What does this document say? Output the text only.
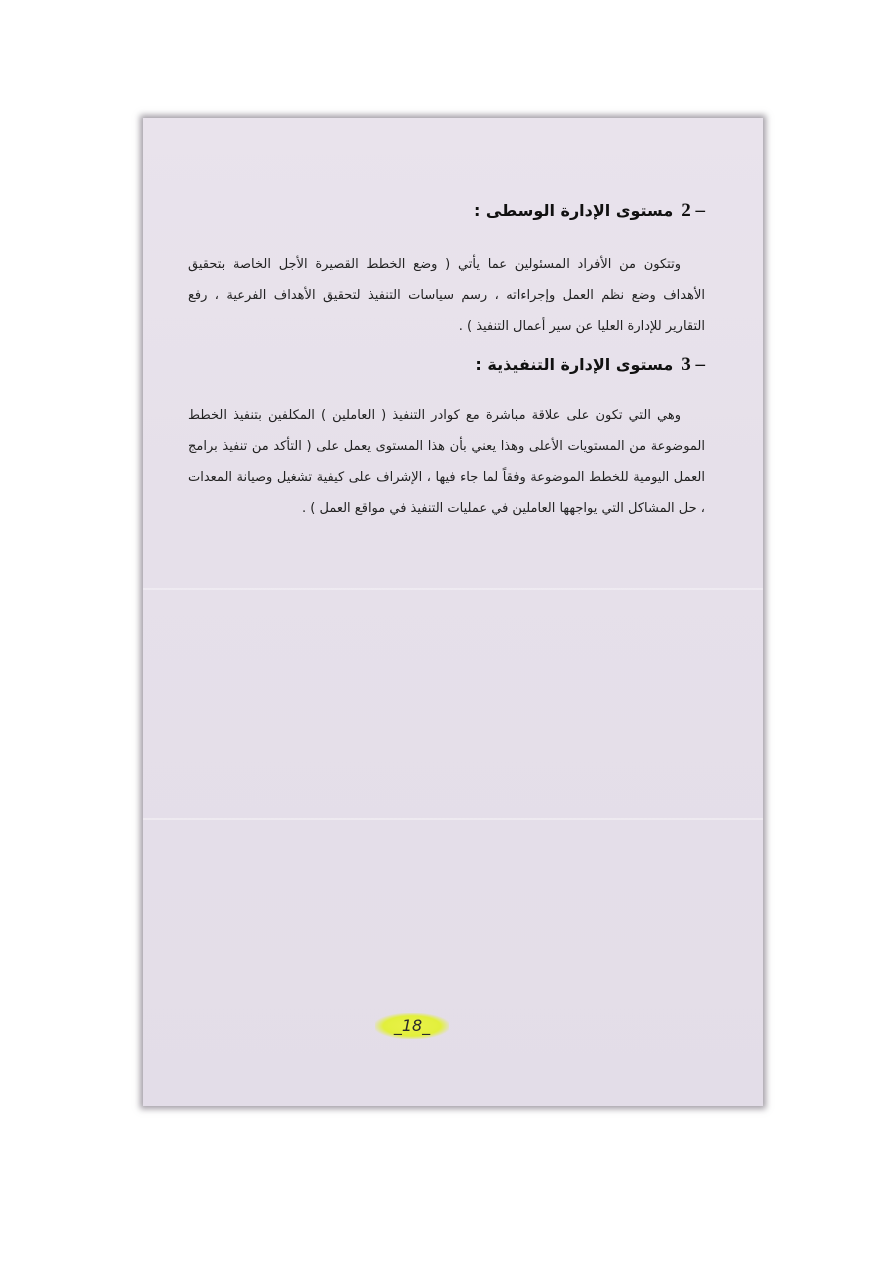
2 –مستوى الإدارة الوسطى :

وتتكون من الأفراد المسئولين عما يأتي ( وضع الخطط القصيرة الأجل الخاصة بتحقيق الأهداف وضع نظم العمل وإجراءاته ، رسم سياسات التنفيذ لتحقيق الأهداف الفرعية ، رفع التقارير للإدارة العليا عن سير أعمال التنفيذ ) .

3 –مستوى الإدارة التنفيذية :

وهي التي تكون على علاقة مباشرة مع كوادر التنفيذ ( العاملين ) المكلفين بتنفيذ الخطط الموضوعة من المستويات الأعلى وهذا يعني بأن هذا المستوى يعمل على ( التأكد من تنفيذ برامج العمل اليومية للخطط الموضوعة وفقاً لما جاء فيها ، الإشراف على كيفية تشغيل وصيانة المعدات ، حل المشاكل التي يواجهها العاملين في عمليات التنفيذ في مواقع العمل ) .

_18_
